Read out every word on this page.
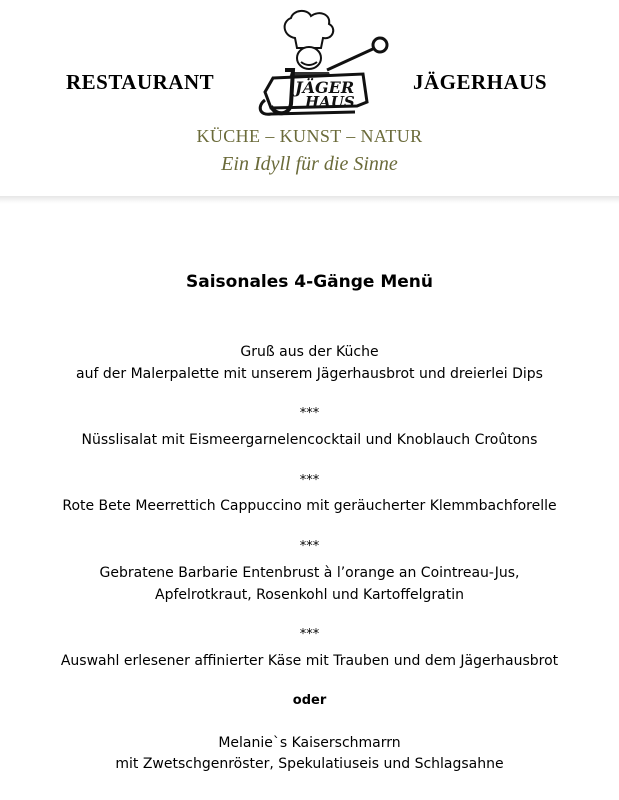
RESTAURANT	JÄGER
HAUS
JÄGERHAUS
KÜCHE – KUNST – NATUR
Ein Idyll für die Sinne
Saisonales 4-Gänge Menü
Gruß aus der Küche
auf der Malerpalette mit unserem Jägerhausbrot und dreierlei Dips
***
Nüsslisalat mit Eismeergarnelencocktail und Knoblauch Croûtons
***
Rote Bete Meerrettich Cappuccino mit geräucherter Klemmbachforelle
***
Gebratene Barbarie Entenbrust à l’orange an Cointreau-Jus,
Apfelrotkraut, Rosenkohl und Kartoffelgratin
***
Auswahl erlesener affinierter Käse mit Trauben und dem Jägerhausbrot
oder
Melanie`s Kaiserschmarrn
mit Zwetschgenröster, Spekulatiuseis und Schlagsahne
